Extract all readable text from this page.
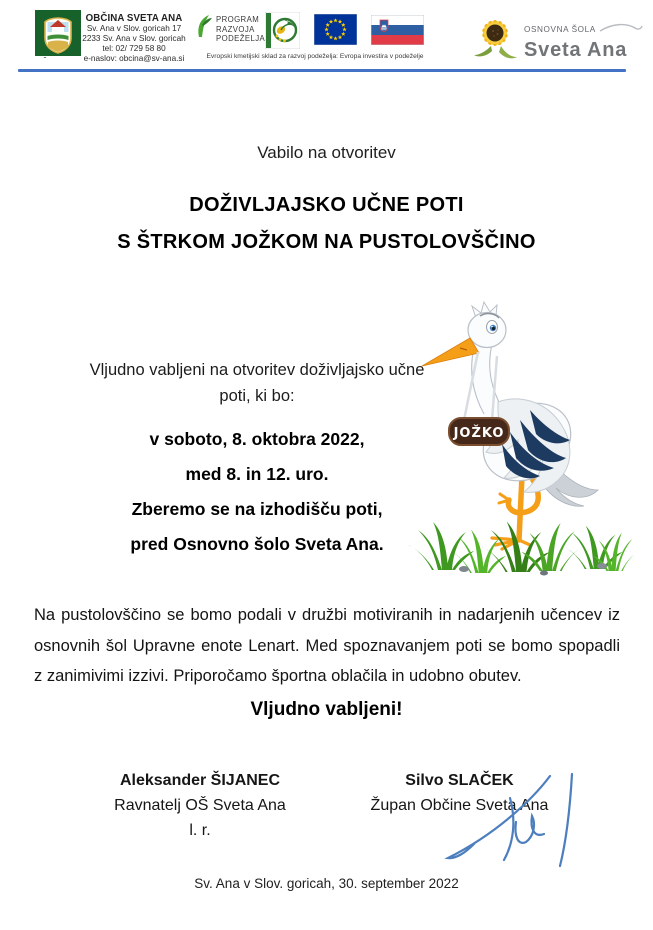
OBČINA SVETA ANA
Sv. Ana v Slov. goricah 17
2233 Sv. Ana v Slov. goricah
tel: 02/ 729 58 80
e-naslov: obcina@sv-ana.si
PROGRAM
RAZVOJA
PODEŽELJA
Evropski kmetijski sklad za razvoj podeželja: Evropa investira v podeželje
OSNOVNA ŠOLA
Sveta Ana
Vabilo na otvoritev
DOŽIVLJAJSKO UČNE POTI
S ŠTRKOM JOŽKOM NA PUSTOLOVŠČINO
Vljudno vabljeni na otvoritev doživljajsko učne poti, ki bo:
v soboto, 8. oktobra 2022,
med 8. in 12. uro.
Zberemo se na izhodišču poti,
pred Osnovno šolo Sveta Ana.
JOŽKO
Na pustolovščino se bomo podali v družbi motiviranih in nadarjenih učencev iz osnovnih šol Upravne enote Lenart. Med spoznavanjem poti se bomo spopadli z zanimivimi izzivi. Priporočamo športna oblačila in udobno obutev.
Vljudno vabljeni!
Aleksander ŠIJANEC
Ravnatelj OŠ Sveta Ana
l. r.
Silvo SLAČEK
Župan Občine Sveta Ana
Sv. Ana v Slov. goricah, 30. september 2022
